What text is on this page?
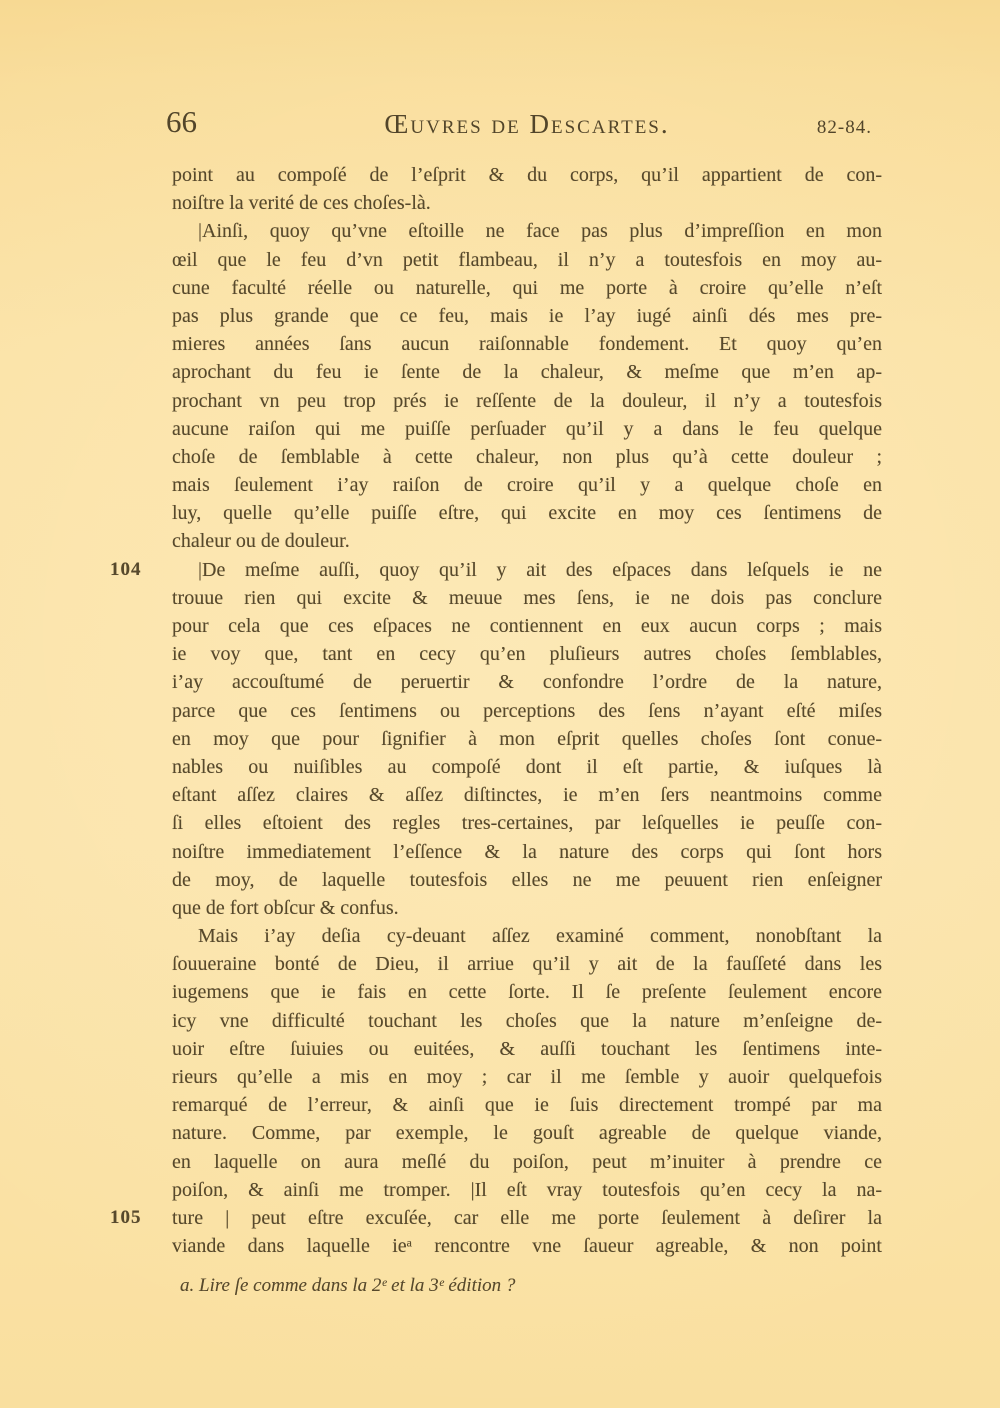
66	Œuvres de Descartes.	82-84.
point au compoſé de l’eſprit & du corps, qu’il appartient de con-
noiſtre la verité de ces choſes-là.
|Ainſi, quoy qu’vne eſtoille ne face pas plus d’impreſſion en mon
œil que le feu d’vn petit flambeau, il n’y a toutesfois en moy au-
cune faculté réelle ou naturelle, qui me porte à croire qu’elle n’eſt
pas plus grande que ce feu, mais ie l’ay iugé ainſi dés mes pre-
mieres années ſans aucun raiſonnable fondement. Et quoy qu’en
aprochant du feu ie ſente de la chaleur, & meſme que m’en ap-
prochant vn peu trop prés ie reſſente de la douleur, il n’y a toutesfois
aucune raiſon qui me puiſſe perſuader qu’il y a dans le feu quelque
choſe de ſemblable à cette chaleur, non plus qu’à cette douleur ;
mais ſeulement i’ay raiſon de croire qu’il y a quelque choſe en
luy, quelle qu’elle puiſſe eſtre, qui excite en moy ces ſentimens de
chaleur ou de douleur.
|De meſme auſſi, quoy qu’il y ait des eſpaces dans leſquels ie ne
trouue rien qui excite & meuue mes ſens, ie ne dois pas conclure
pour cela que ces eſpaces ne contiennent en eux aucun corps ; mais
ie voy que, tant en cecy qu’en pluſieurs autres choſes ſemblables,
i’ay accouſtumé de peruertir & confondre l’ordre de la nature,
parce que ces ſentimens ou perceptions des ſens n’ayant eſté miſes
en moy que pour ſignifier à mon eſprit quelles choſes ſont conue-
nables ou nuiſibles au compoſé dont il eſt partie, & iuſques là
eſtant aſſez claires & aſſez diſtinctes, ie m’en ſers neantmoins comme
ſi elles eſtoient des regles tres-certaines, par leſquelles ie peuſſe con-
noiſtre immediatement l’eſſence & la nature des corps qui ſont hors
de moy, de laquelle toutesfois elles ne me peuuent rien enſeigner
que de fort obſcur & confus.
Mais i’ay deſia cy-deuant aſſez examiné comment, nonobſtant la
ſouueraine bonté de Dieu, il arriue qu’il y ait de la fauſſeté dans les
iugemens que ie fais en cette ſorte. Il ſe preſente ſeulement encore
icy vne difficulté touchant les choſes que la nature m’enſeigne de-
uoir eſtre ſuiuies ou euitées, & auſſi touchant les ſentimens inte-
rieurs qu’elle a mis en moy ; car il me ſemble y auoir quelquefois
remarqué de l’erreur, & ainſi que ie ſuis directement trompé par ma
nature. Comme, par exemple, le gouſt agreable de quelque viande,
en laquelle on aura meſlé du poiſon, peut m’inuiter à prendre ce
poiſon, & ainſi me tromper. |Il eſt vray toutesfois qu’en cecy la na-
ture | peut eſtre excuſée, car elle me porte ſeulement à deſirer la
viande dans laquelle ieᵃ rencontre vne ſaueur agreable, & non point
a. Lire ſe comme dans la 2ᵉ et la 3ᵉ édition ?
104
105
